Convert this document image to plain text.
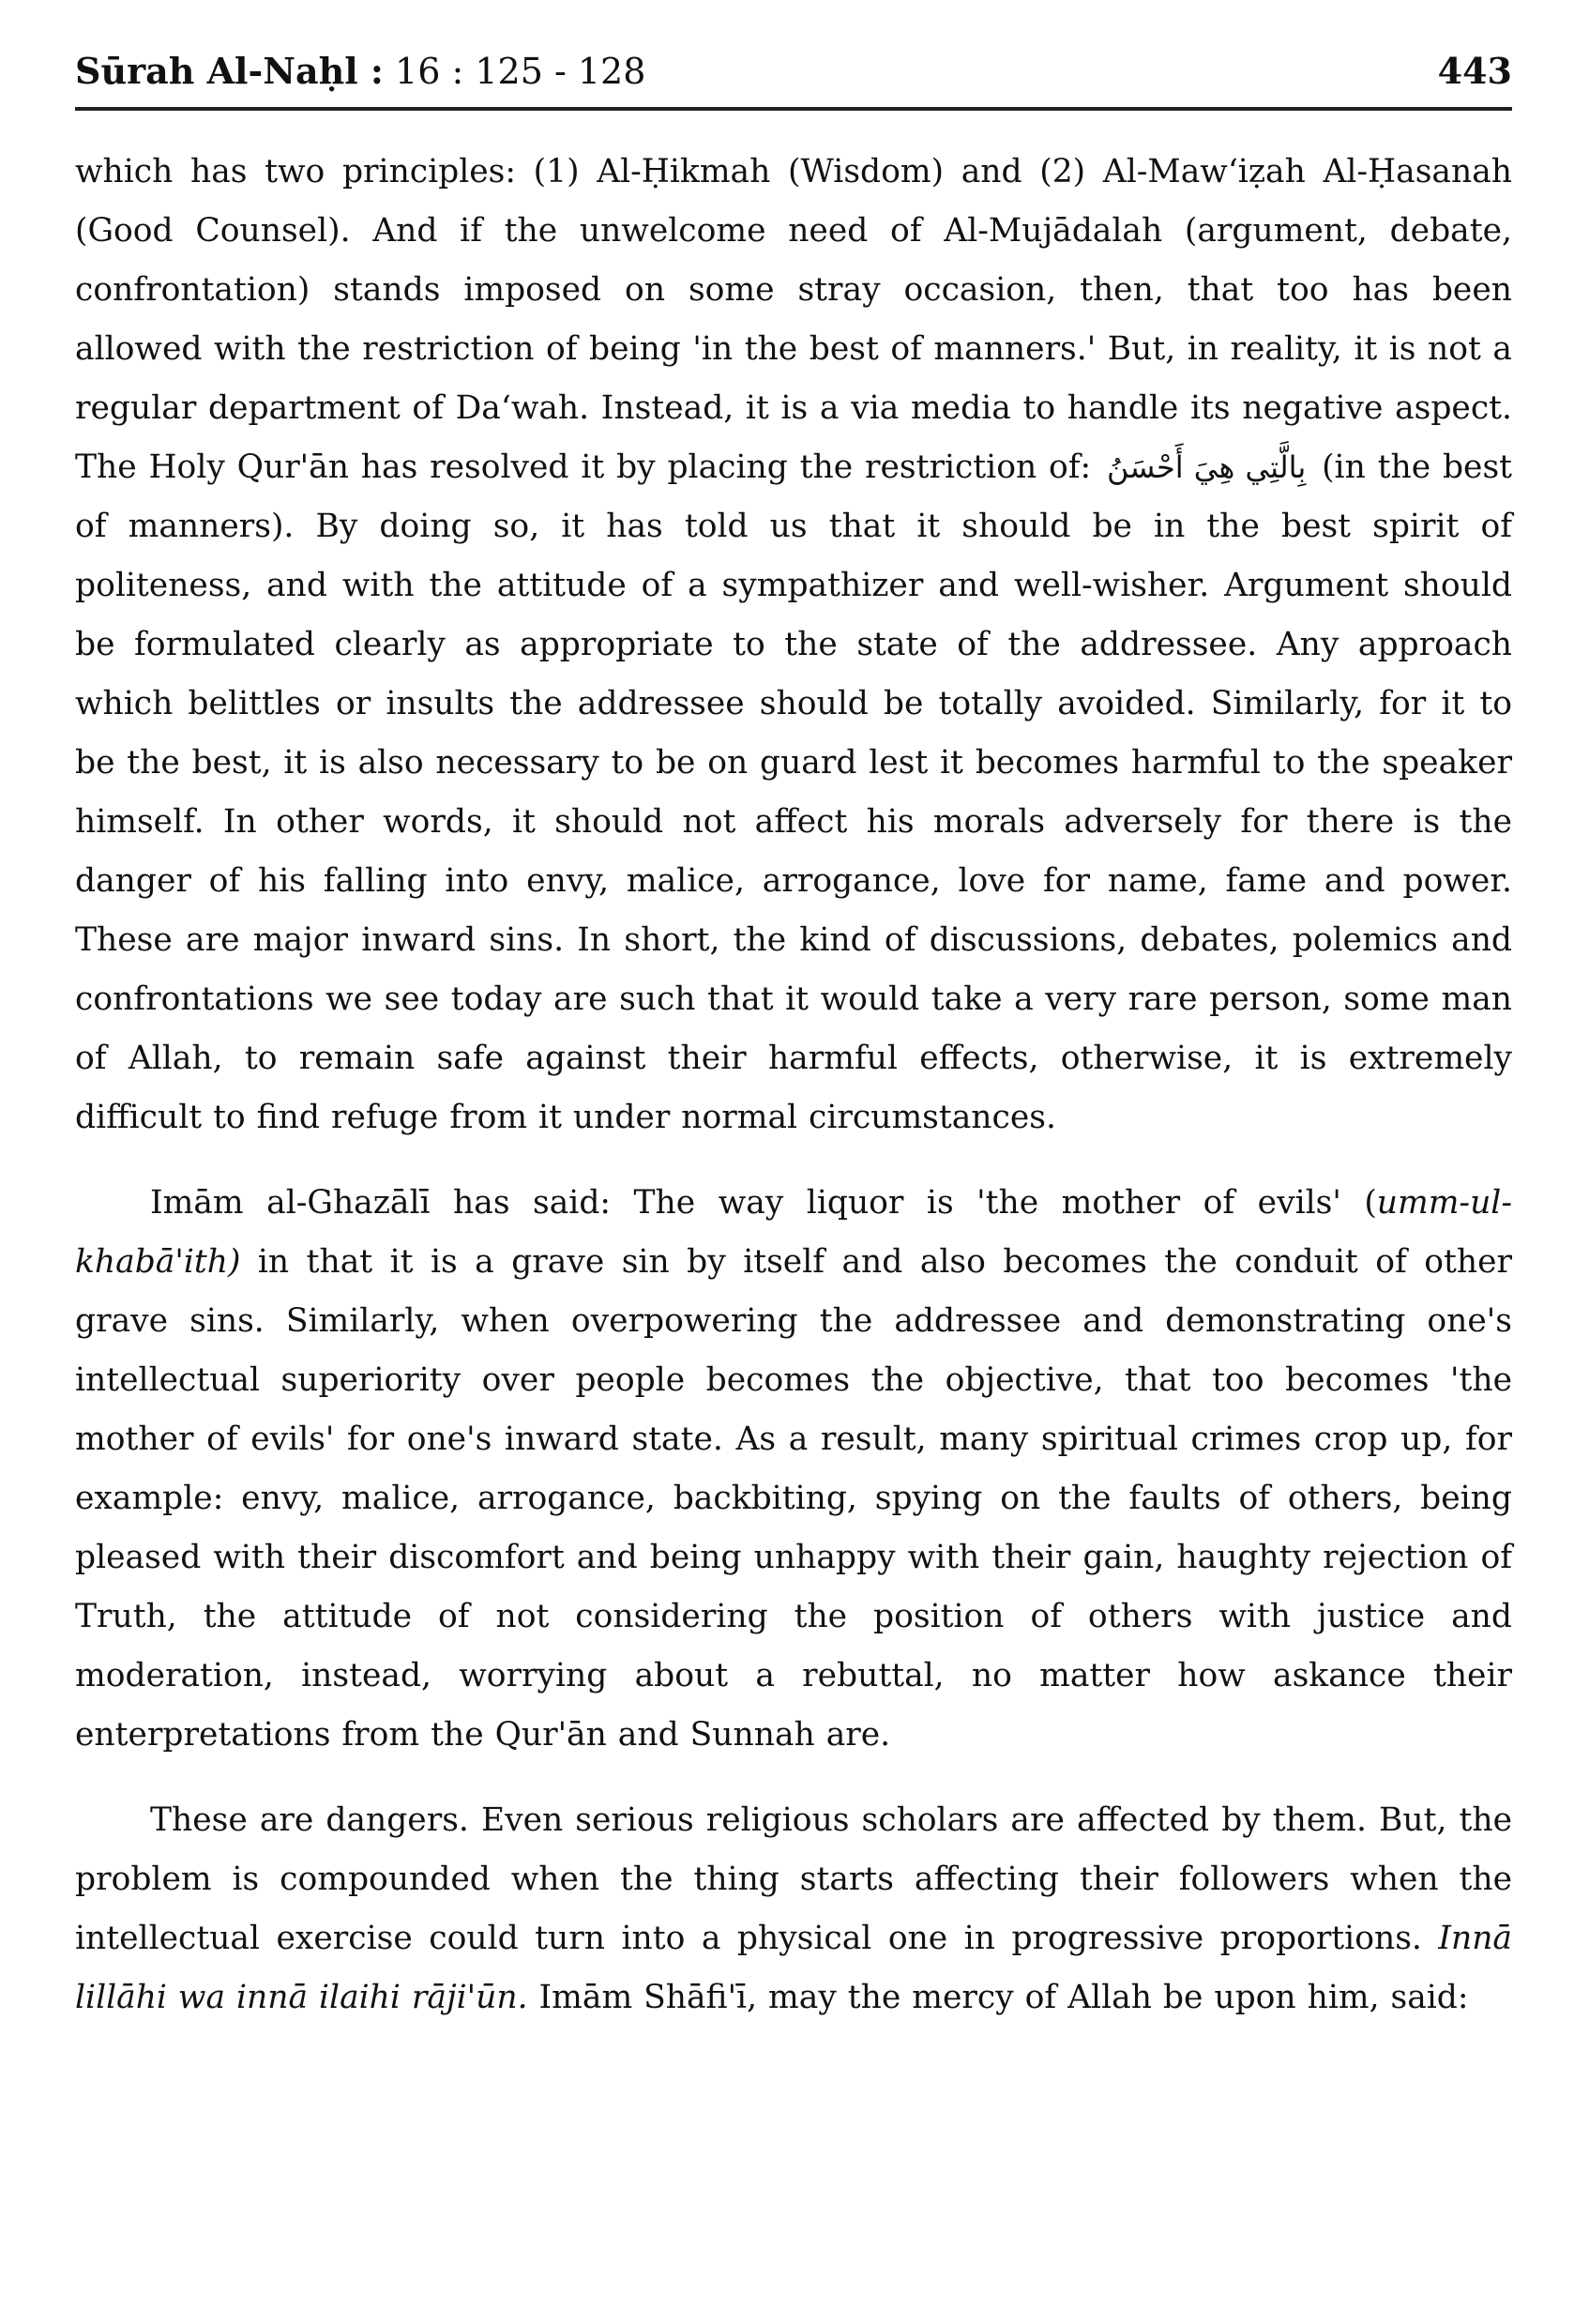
Sūrah Al-Naḥl : 16 : 125 - 128	443

which has two principles: (1) Al-Ḥikmah (Wisdom) and (2) Al-Maw‘iẓah Al-Ḥasanah (Good Counsel). And if the unwelcome need of Al-Mujādalah (argument, debate, confrontation) stands imposed on some stray occasion, then, that too has been allowed with the restriction of being 'in the best of manners.' But, in reality, it is not a regular department of Da‘wah. Instead, it is a via media to handle its negative aspect. The Holy Qur'ān has resolved it by placing the restriction of: بِالَّتِي هِيَ أَحْسَنُ (in the best of manners). By doing so, it has told us that it should be in the best spirit of politeness, and with the attitude of a sympathizer and well-wisher. Argument should be formulated clearly as appropriate to the state of the addressee. Any approach which belittles or insults the addressee should be totally avoided. Similarly, for it to be the best, it is also necessary to be on guard lest it becomes harmful to the speaker himself. In other words, it should not affect his morals adversely for there is the danger of his falling into envy, malice, arrogance, love for name, fame and power. These are major inward sins. In short, the kind of discussions, debates, polemics and confrontations we see today are such that it would take a very rare person, some man of Allah, to remain safe against their harmful effects, otherwise, it is extremely difficult to find refuge from it under normal circumstances.

Imām al-Ghazālī has said: The way liquor is 'the mother of evils' (umm-ul-khabā'ith) in that it is a grave sin by itself and also becomes the conduit of other grave sins. Similarly, when overpowering the addressee and demonstrating one's intellectual superiority over people becomes the objective, that too becomes 'the mother of evils' for one's inward state. As a result, many spiritual crimes crop up, for example: envy, malice, arrogance, backbiting, spying on the faults of others, being pleased with their discomfort and being unhappy with their gain, haughty rejection of Truth, the attitude of not considering the position of others with justice and moderation, instead, worrying about a rebuttal, no matter how askance their enterpretations from the Qur'ān and Sunnah are.

These are dangers. Even serious religious scholars are affected by them. But, the problem is compounded when the thing starts affecting their followers when the intellectual exercise could turn into a physical one in progressive proportions. Innā lillāhi wa innā ilaihi rāji'ūn. Imām Shāfi'ī, may the mercy of Allah be upon him, said:
